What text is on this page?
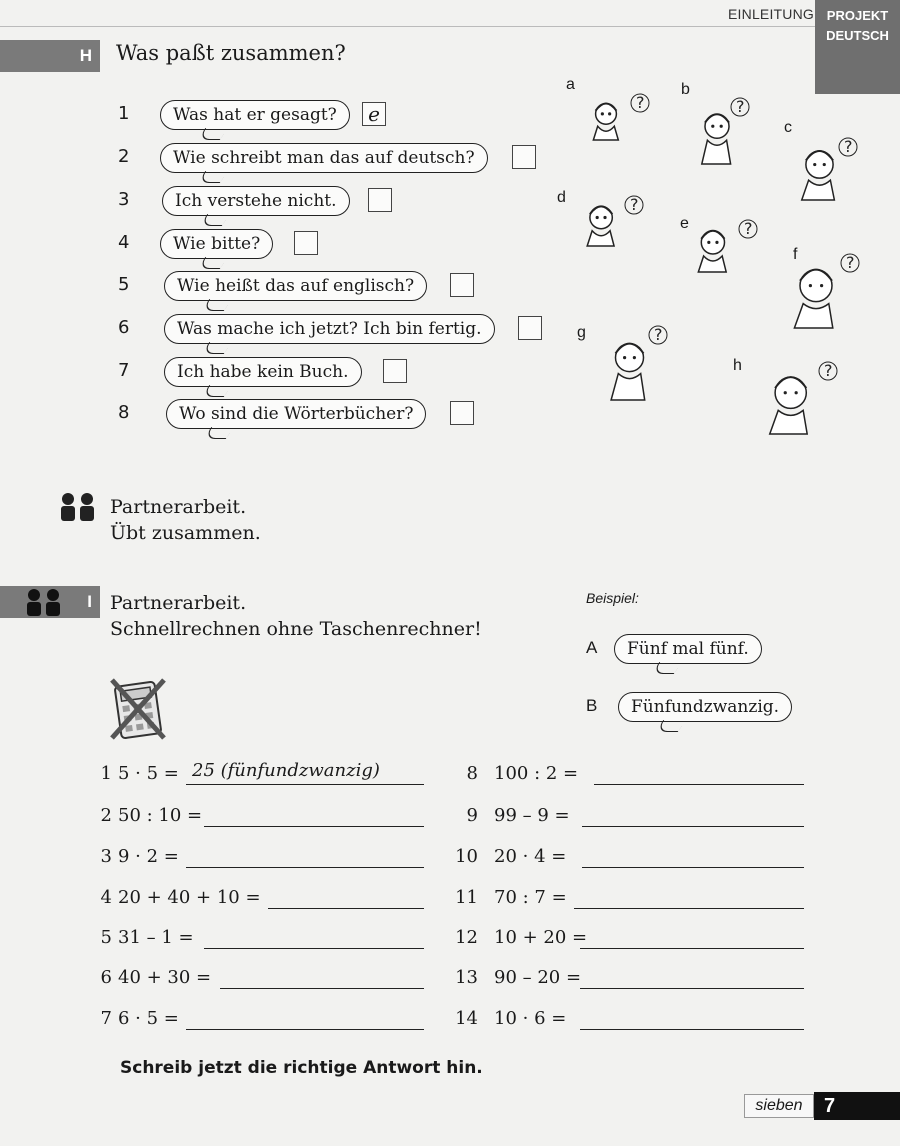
EINLEITUNG PROJEKT
DEUTSCH
H	Was paßt zusammen?
1	Was hat er gesagt?	e
2	Wie schreibt man das auf deutsch?
3	Ich verstehe nicht.
4	Wie bitte?
5	Wie heißt das auf englisch?
6	Was mache ich jetzt? Ich bin fertig.
7	Ich habe kein Buch.
8	Wo sind die Wörterbücher?
a
?
b
?
c
?
d	?
e	?
f	?
g	?
h	?
Partnerarbeit.
Übt zusammen.
I Partnerarbeit.
Schnellrechnen ohne Taschenrechner!
Beispiel:
A	Fünf mal fünf.
B	Fünfundzwanzig.
1 5 · 5 = 25 (fünfundzwanzig)
2 50 : 10 =
3 9 · 2 =
4 20 + 40 + 10 =
5 31 – 1 =
6 40 + 30 =
7 6 · 5 =
8 100 : 2 =
9 99 – 9 =
10 20 · 4 =
11 70 : 7 =
12 10 + 20 =
13 90 – 20 =
14 10 · 6 =
Schreib jetzt die richtige Antwort hin.
sieben	7
